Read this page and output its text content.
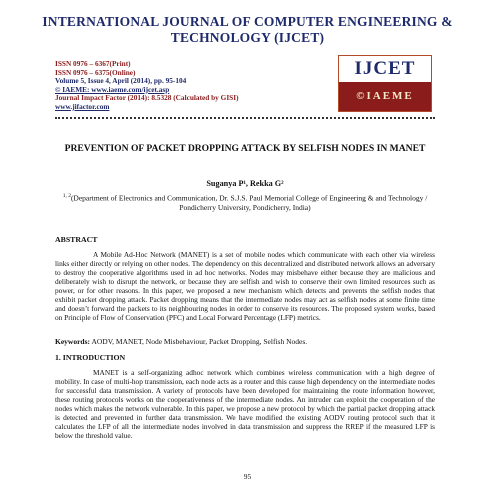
INTERNATIONAL JOURNAL OF COMPUTER ENGINEERING & TECHNOLOGY (IJCET)
ISSN 0976 – 6367(Print)
ISSN 0976 – 6375(Online)
Volume 5, Issue 4, April (2014), pp. 95-104
© IAEME: www.iaeme.com/ijcet.asp
Journal Impact Factor (2014): 8.5328 (Calculated by GISI)
www.jifactor.com
IJCET
©IAEME
PREVENTION OF PACKET DROPPING ATTACK BY SELFISH NODES IN MANET
Suganya P¹, Rekka G²
$^{1, 2}$(Department of Electronics and Communication, Dr. S.J.S. Paul Memorial College of Engineering & and Technology / Pondicherry University, Pondicherry, India)
ABSTRACT
A Mobile Ad-Hoc Network (MANET) is a set of mobile nodes which communicate with each other via wireless links either directly or relying on other nodes. The dependency on this decentralized and distributed network allows an adversary to destroy the cooperative algorithms used in ad hoc networks. Nodes may misbehave either because they are malicious and deliberately wish to disrupt the network, or because they are selfish and wish to conserve their own limited resources such as power, or for other reasons. In this paper, we proposed a new mechanism which detects and prevents the selfish nodes that exhibit packet dropping attack. Packet dropping means that the intermediate nodes may act as selfish nodes at some finite time and doesn’t forward the packets to its neighbouring nodes in order to conserve its resources. The proposed system works, based on Principle of Flow of Conservation (PFC) and Local Forward Percentage (LFP) metrics.
Keywords: AODV, MANET, Node Misbehaviour, Packet Dropping, Selfish Nodes.
1. INTRODUCTION
MANET is a self-organizing adhoc network which combines wireless communication with a high degree of mobility. In case of multi-hop transmission, each node acts as a router and this cause high dependency on the intermediate nodes for successful data transmission. A variety of protocols have been developed for maintaining the route information however, these routing protocols works on the cooperativeness of the intermediate nodes. An intruder can exploit the cooperation of the nodes which makes the network vulnerable. In this paper, we propose a new protocol by which the partial packet dropping attack is detected and prevented in further data transmission. We have modified the existing AODV routing protocol such that it calculates the LFP of all the intermediate nodes involved in data transmission and suppress the RREP if the measured LFP is below the threshold value.
95
